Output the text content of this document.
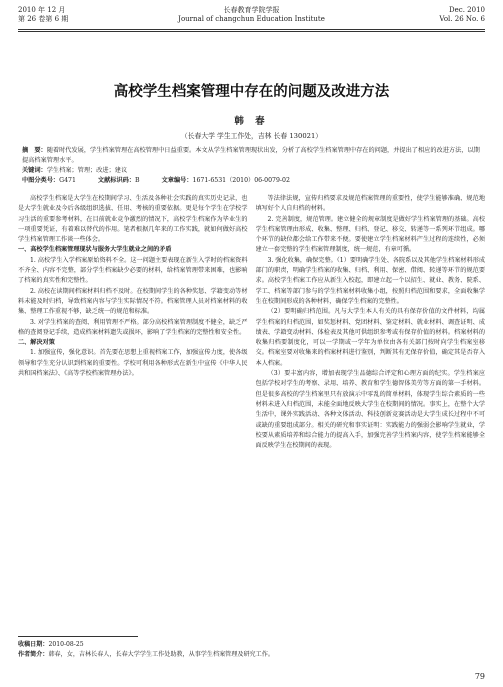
2010 年 12 月
第 26 卷第 6 期
长春教育学院学报
Journal of changchun Education Institute
Dec. 2010
Vol. 26 No. 6
高校学生档案管理中存在的问题及改进方法
韩 春
（长春大学 学生工作处，吉林 长春 130021）
摘　要：随着时代发展，学生档案管理在高校管理中日益重要。本文从学生档案管理现状出发，分析了高校学生档案管理中存在的问题，并提出了相应的改进方法，以期提高档案管理水平。
关键词：学生档案；管理；改进；建议
中图分类号：G471	文献标识码：B	文章编号：1671-6531（2010）06-0079-02

高校学生档案是大学生在校期间学习、生活及各种社会实践的真实历史记录，也是大学生就业及今后各级组织选拔、任用、考核的重要依据。更是每个学生在学校学习生活的重要参考材料，在目前就业竞争激烈的情况下，高校学生档案作为毕业生的一项重要凭证，有着难以替代的作用。笔者根据几年来的工作实践，就如何做好高校学生档案管理工作谈一些体会。

一、高校学生档案管理现状与服务大学生就业之间的矛盾

1. 高校学生入学档案原始资料不全。这一问题主要表现在新生入学时的档案资料不齐全、内容不完整，部分学生档案缺少必要的材料，给档案管理带来困难，也影响了档案的真实性和完整性。

2. 高校在读期间档案材料归档不及时。在校期间学生的各种奖惩、学籍变动等材料未能及时归档，导致档案内容与学生实际情况不符。档案管理人员对档案材料的收集、整理工作重视不够，缺乏统一的规范和标准。

3. 对学生档案的查阅、利用管理不严格。部分高校档案管理制度不健全，缺乏严格的查阅登记手续，造成档案材料遗失或损坏，影响了学生档案的完整性和安全性。

二、解决对策

1. 加强宣传，强化意识。首先要在思想上重视档案工作，加强宣传力度，使各级领导和学生充分认识到档案的重要性。学校可利用各种形式在新生中宣传《中华人民共和国档案法》、《高等学校档案管理办法》。

等法律法规，宣传归档要求及规范档案管理的重要性，使学生能够准确、规范地填写好个人自归档的材料。

2. 完善制度，规范管理。建立健全的规章制度是做好学生档案管理的基础。高校学生档案管理由形成、收集、整理、归档、登记、移交、转递等一系列环节组成。哪个环节的缺位都会给工作带来不便。要使建立学生档案材料产生过程的连续性，必须建立一套完整的学生档案管理制度，统一规范，有章可循。

3. 强化收集，确保完整。（1）要明确学生处、各院系以及其他学生档案材料形成部门的职责，明确学生档案的收集、归档、利用、保密、借阅、转递等环节的规范要求。高校学生档案工作应从新生入校起，即建立起一个以招生、就业、教务、院系、学工、档案等部门参与的学生档案材料收集小组，按照归档范围和要求，全面收集学生在校期间形成的各种材料，确保学生档案的完整性。

（2）要明确归档范围。凡与大学生本人有关的具有保存价值的文件材料，均属学生档案的归档范围，如奖惩材料、党团材料、鉴定材料、就业材料、调查证明、成绩表、学籍变动材料、体检表及其他可供组织参考或有保存价值的材料。档案材料的收集归档要制度化，可以一学期或一学年为单位由各有关部门按时向学生档案室移交。档案室要对收集来的档案材料进行鉴别，判断其有无保存价值，确定其是否存入本人档案。

（3）要丰富内容，增加表现学生品德综合评定和心理方面的纪实。学生档案应包括学校对学生的考察、录用、培养、教育和学生德智体美劳等方面的第一手材料。但是很多高校的学生档案里只有放演示中零乱的简单材料，体现学生综合素质的一些材料未进入归档范围，未能全面地反映大学生在校期间的情况。事实上，在整个大学生活中，课外实践活动、各种文体活动、科技创新竞赛活动是大学生成长过程中不可或缺的重要组成部分。相关的研究和事实证明：实践能力的强弱会影响学生就业，学校要从素质培养和综合能力的提高入手，加强完善学生档案内容，使学生档案能够全面反映学生在校期间的表现。

收稿日期：2010-08-25
作者简介：韩春，女，吉林长春人，长春大学学生工作处助教，从事学生档案管理及研究工作。
79
